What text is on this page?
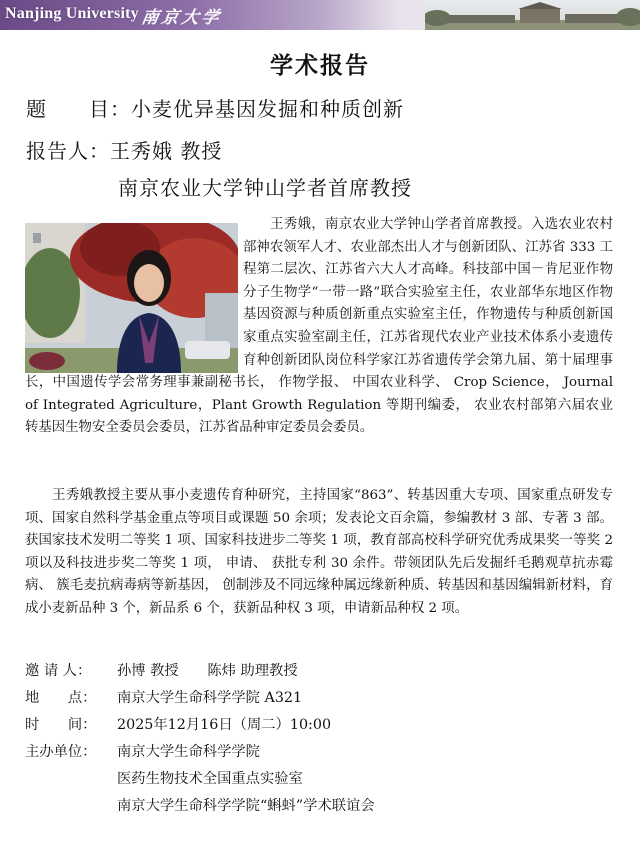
Nanjing University 南京大学
学术报告
题　　目：小麦优异基因发掘和种质创新
报告人：王秀娥 教授
南京农业大学钟山学者首席教授
王秀娥，南京农业大学钟山学者首席教授。入选农业农村部神农领军人才、农业部杰出人才与创新团队、江苏省 333 工程第二层次、江苏省六大人才高峰。科技部中国－肯尼亚作物分子生物学“一带一路”联合实验室主任，农业部华东地区作物基因资源与种质创新重点实验室主任，作物遗传与种质创新国家重点实验室副主任，江苏省现代农业产业技术体系小麦遗传育种创新团队岗位科学家江苏省遗传学会第九届、第十届理事长，中国遗传学会常务理事兼副秘书长， 作物学报、 中国农业科学、 Crop Science， Journal of Integrated Agriculture，Plant Growth Regulation 等期刊编委， 农业农村部第六届农业转基因生物安全委员会委员，江苏省品种审定委员会委员。
王秀娥教授主要从事小麦遗传育种研究，主持国家“863”、转基因重大专项、国家重点研发专项、国家自然科学基金重点等项目或课题 50 余项；发表论文百余篇，参编教材 3 部、专著 3 部。获国家技术发明二等奖 1 项、国家科技进步二等奖 1 项，教育部高校科学研究优秀成果奖一等奖 2 项以及科技进步奖二等奖 1 项， 申请、 获批专利 30 余件。带领团队先后发掘纤毛鹅观草抗赤霉病、 簇毛麦抗病毒病等新基因， 创制涉及不同远缘种属远缘新种质、转基因和基因编辑新材料，育成小麦新品种 3 个，新品系 6 个，获新品种权 3 项，申请新品种权 2 项。
邀 请 人： 孙博 教授　　陈炜 助理教授
地　　点： 南京大学生命科学学院 A321
时　　间： 2025年12月16日（周二）10:00
主办单位： 南京大学生命科学学院
医药生物技术全国重点实验室
南京大学生命科学学院“蝌蚪”学术联谊会
